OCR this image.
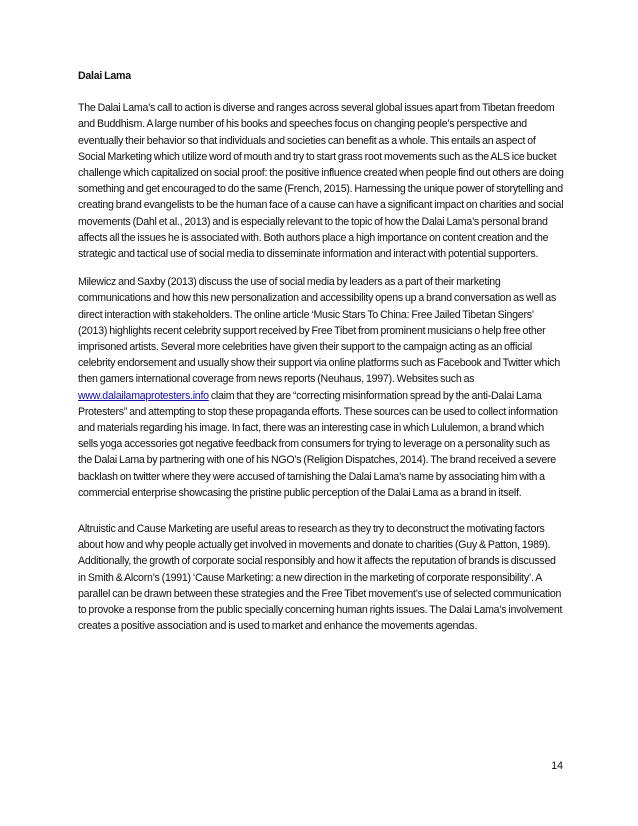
Dalai Lama

The Dalai Lama’s call to action is diverse and ranges across several global issues apart from Tibetan freedom and Buddhism. A large number of his books and speeches focus on changing people’s perspective and eventually their behavior so that individuals and societies can benefit as a whole. This entails an aspect of Social Marketing which utilize word of mouth and try to start grass root movements such as the ALS ice bucket challenge which capitalized on social proof: the positive influence created when people find out others are doing something and get encouraged to do the same (French, 2015). Harnessing the unique power of storytelling and creating brand evangelists to be the human face of a cause can have a significant impact on charities and social movements (Dahl et al., 2013) and is especially relevant to the topic of how the Dalai Lama’s personal brand affects all the issues he is associated with. Both authors place a high importance on content creation and the strategic and tactical use of social media to disseminate information and interact with potential supporters.

Milewicz and Saxby (2013) discuss the use of social media by leaders as a part of their marketing communications and how this new personalization and accessibility opens up a brand conversation as well as direct interaction with stakeholders. The online article ‘Music Stars To China: Free Jailed Tibetan Singers’ (2013) highlights recent celebrity support received by Free Tibet from prominent musicians o help free other imprisoned artists. Several more celebrities have given their support to the campaign acting as an official celebrity endorsement and usually show their support via online platforms such as Facebook and Twitter which then gamers international coverage from news reports (Neuhaus, 1997). Websites such as www.dalailamaprotesters.info claim that they are “correcting misinformation spread by the anti-Dalai Lama Protesters” and attempting to stop these propaganda efforts. These sources can be used to collect information and materials regarding his image. In fact, there was an interesting case in which Lululemon, a brand which sells yoga accessories got negative feedback from consumers for trying to leverage on a personality such as the Dalai Lama by partnering with one of his NGO’s (Religion Dispatches, 2014). The brand received a severe backlash on twitter where they were accused of tarnishing the Dalai Lama’s name by associating him with a commercial enterprise showcasing the pristine public perception of the Dalai Lama as a brand in itself.

Altruistic and Cause Marketing are useful areas to research as they try to deconstruct the motivating factors about how and why people actually get involved in movements and donate to charities (Guy & Patton, 1989). Additionally, the growth of corporate social responsibly and how it affects the reputation of brands is discussed in Smith & Alcorn’s (1991) ‘Cause Marketing: a new direction in the marketing of corporate responsibility’. A parallel can be drawn between these strategies and the Free Tibet movement’s use of selected communication to provoke a response from the public specially concerning human rights issues. The Dalai Lama’s involvement creates a positive association and is used to market and enhance the movements agendas.

14
